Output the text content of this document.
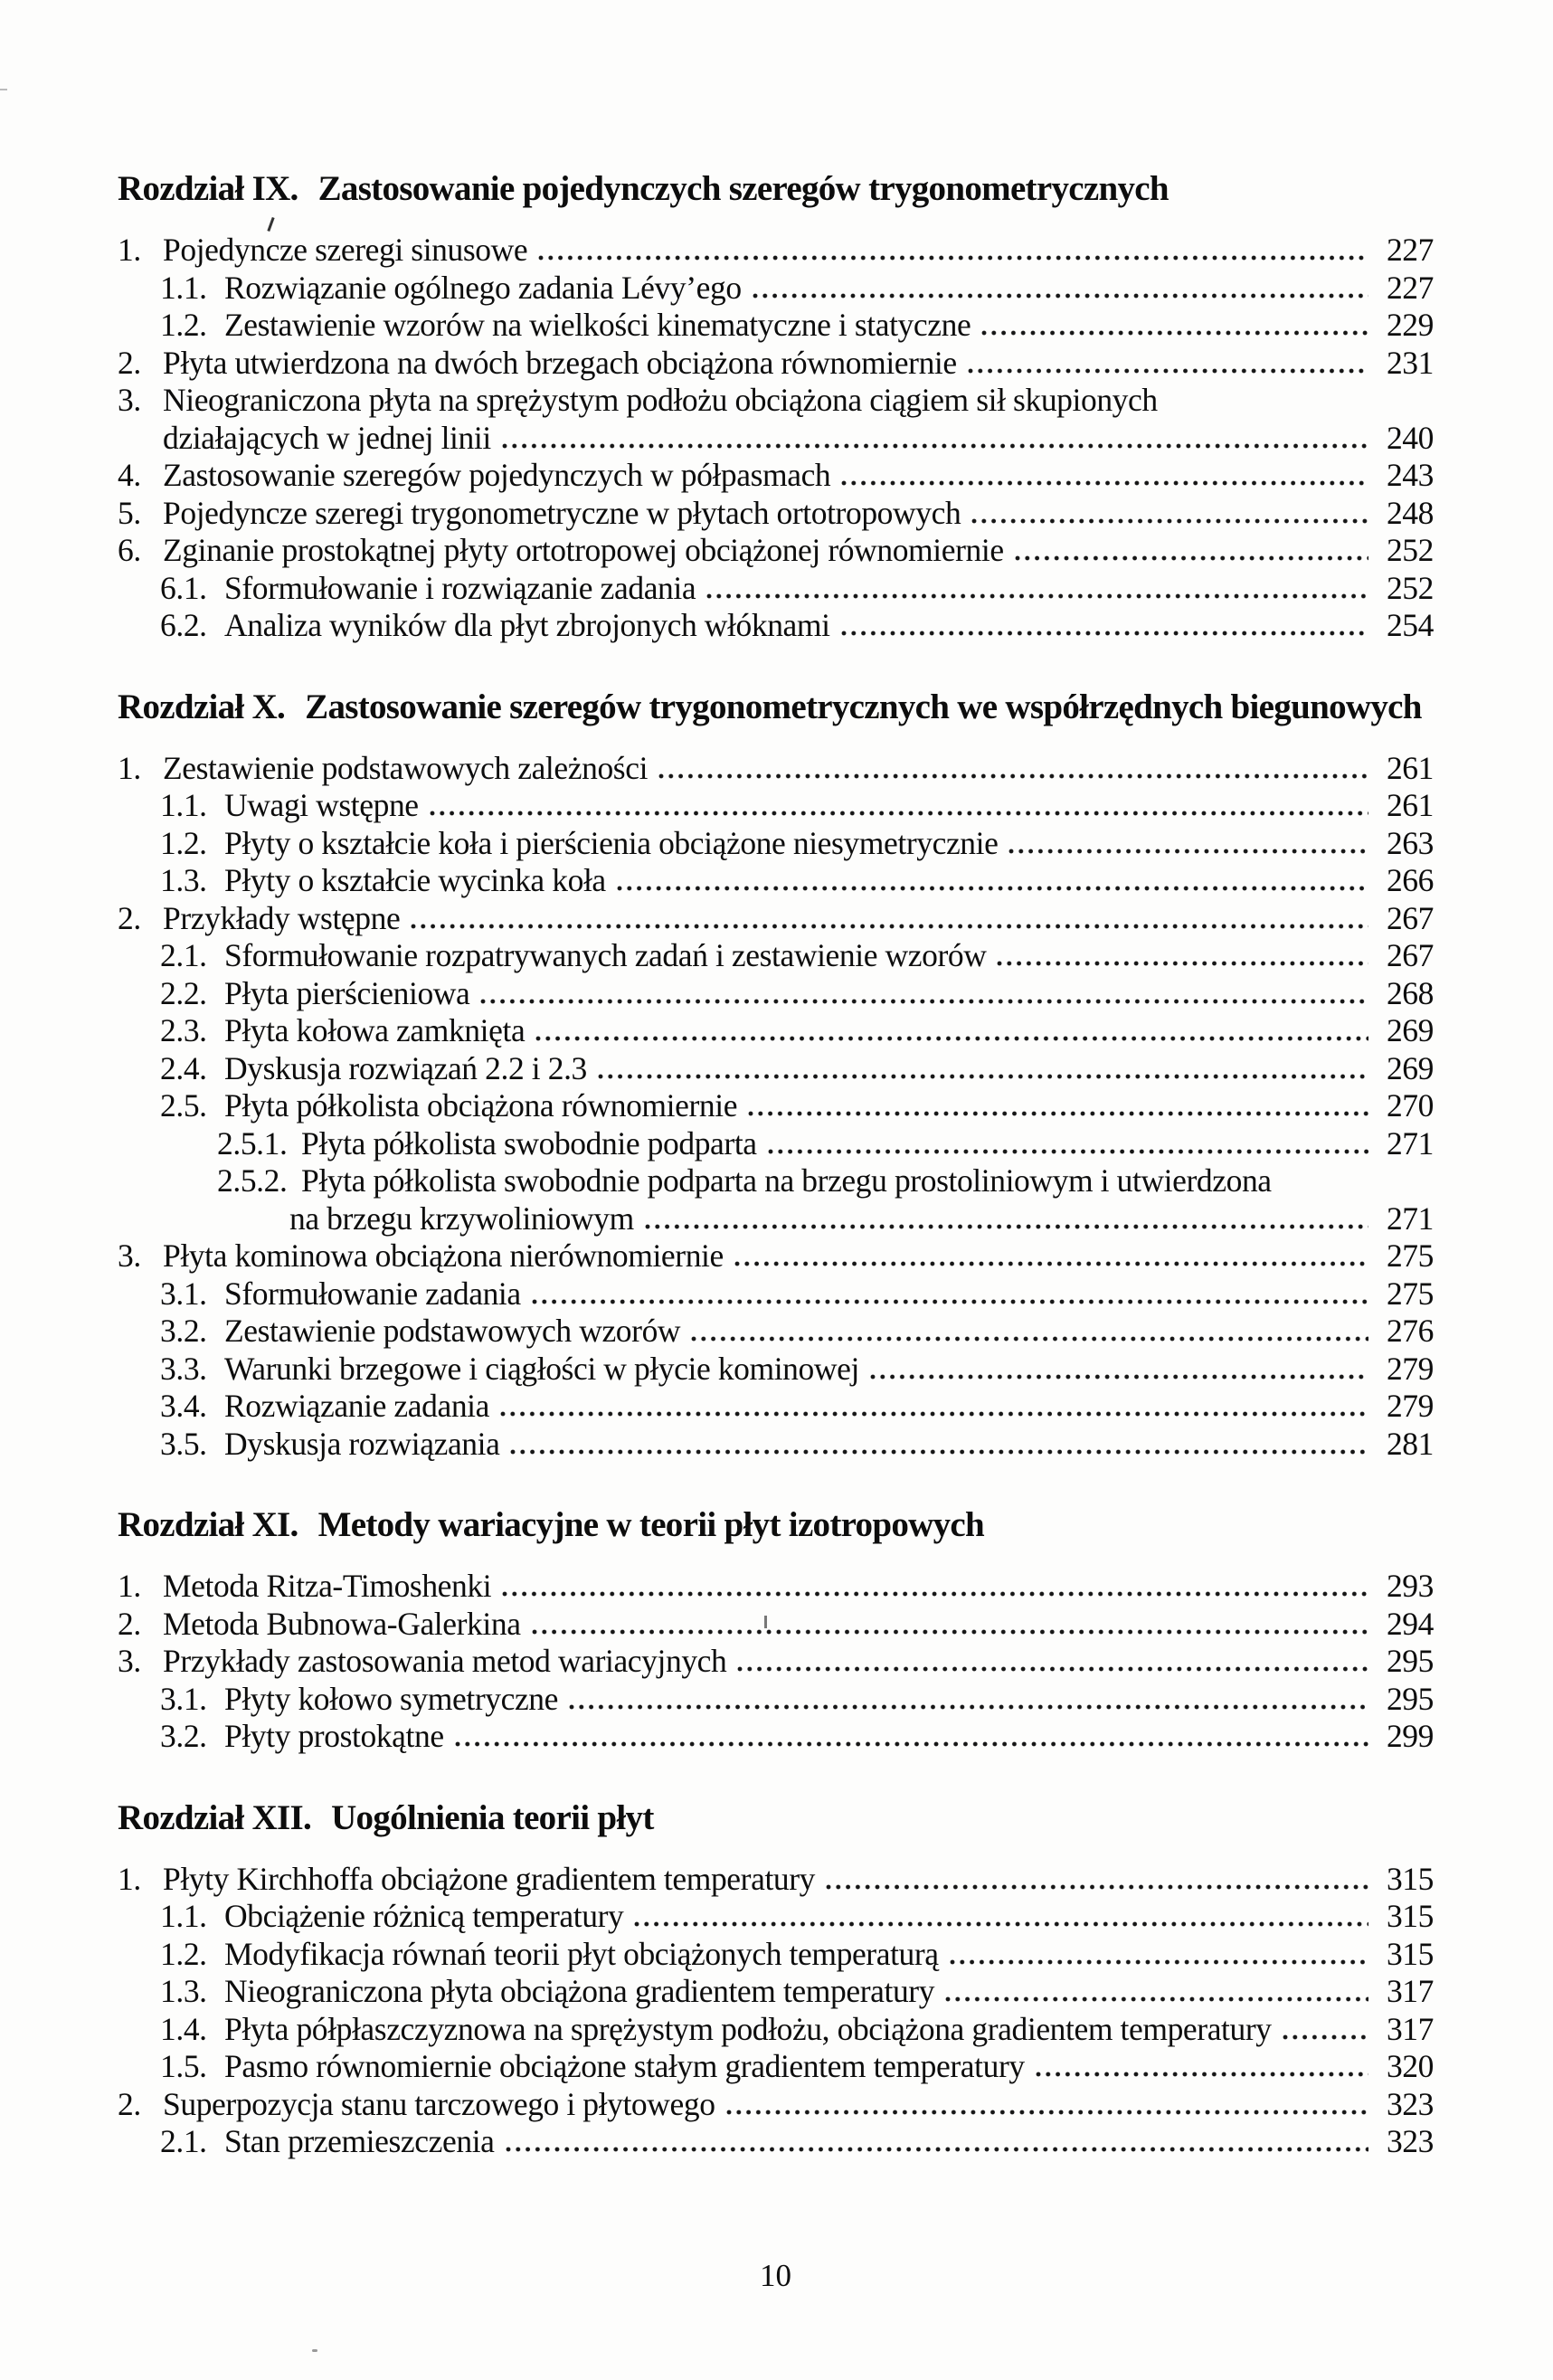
Rozdział IX. Zastosowanie pojedynczych szeregów trygonometrycznych
1. Pojedyncze szeregi sinusowe	227
1.1. Rozwiązanie ogólnego zadania Lévy’ego	227
1.2. Zestawienie wzorów na wielkości kinematyczne i statyczne	229
2. Płyta utwierdzona na dwóch brzegach obciążona równomiernie	231
3. Nieograniczona płyta na sprężystym podłożu obciążona ciągiem sił skupionych
działających w jednej linii	240
4. Zastosowanie szeregów pojedynczych w półpasmach	243
5. Pojedyncze szeregi trygonometryczne w płytach ortotropowych	248
6. Zginanie prostokątnej płyty ortotropowej obciążonej równomiernie	252
6.1. Sformułowanie i rozwiązanie zadania	252
6.2. Analiza wyników dla płyt zbrojonych włóknami	254
Rozdział X. Zastosowanie szeregów trygonometrycznych we współrzędnych biegunowych
1. Zestawienie podstawowych zależności	261
1.1. Uwagi wstępne	261
1.2. Płyty o kształcie koła i pierścienia obciążone niesymetrycznie	263
1.3. Płyty o kształcie wycinka koła	266
2. Przykłady wstępne	267
2.1. Sformułowanie rozpatrywanych zadań i zestawienie wzorów	267
2.2. Płyta pierścieniowa	268
2.3. Płyta kołowa zamknięta	269
2.4. Dyskusja rozwiązań 2.2 i 2.3	269
2.5. Płyta półkolista obciążona równomiernie	270
2.5.1. Płyta półkolista swobodnie podparta	271
2.5.2. Płyta półkolista swobodnie podparta na brzegu prostoliniowym i utwierdzona
na brzegu krzywoliniowym	271
3. Płyta kominowa obciążona nierównomiernie	275
3.1. Sformułowanie zadania	275
3.2. Zestawienie podstawowych wzorów	276
3.3. Warunki brzegowe i ciągłości w płycie kominowej	279
3.4. Rozwiązanie zadania	279
3.5. Dyskusja rozwiązania	281
Rozdział XI. Metody wariacyjne w teorii płyt izotropowych
1. Metoda Ritza-Timoshenki	293
2. Metoda Bubnowa-Galerkina	294
3. Przykłady zastosowania metod wariacyjnych	295
3.1. Płyty kołowo symetryczne	295
3.2. Płyty prostokątne	299
Rozdział XII. Uogólnienia teorii płyt
1. Płyty Kirchhoffa obciążone gradientem temperatury	315
1.1. Obciążenie różnicą temperatury	315
1.2. Modyfikacja równań teorii płyt obciążonych temperaturą	315
1.3. Nieograniczona płyta obciążona gradientem temperatury	317
1.4. Płyta półpłaszczyznowa na sprężystym podłożu, obciążona gradientem temperatury	317
1.5. Pasmo równomiernie obciążone stałym gradientem temperatury	320
2. Superpozycja stanu tarczowego i płytowego	323
2.1. Stan przemieszczenia	323
10
